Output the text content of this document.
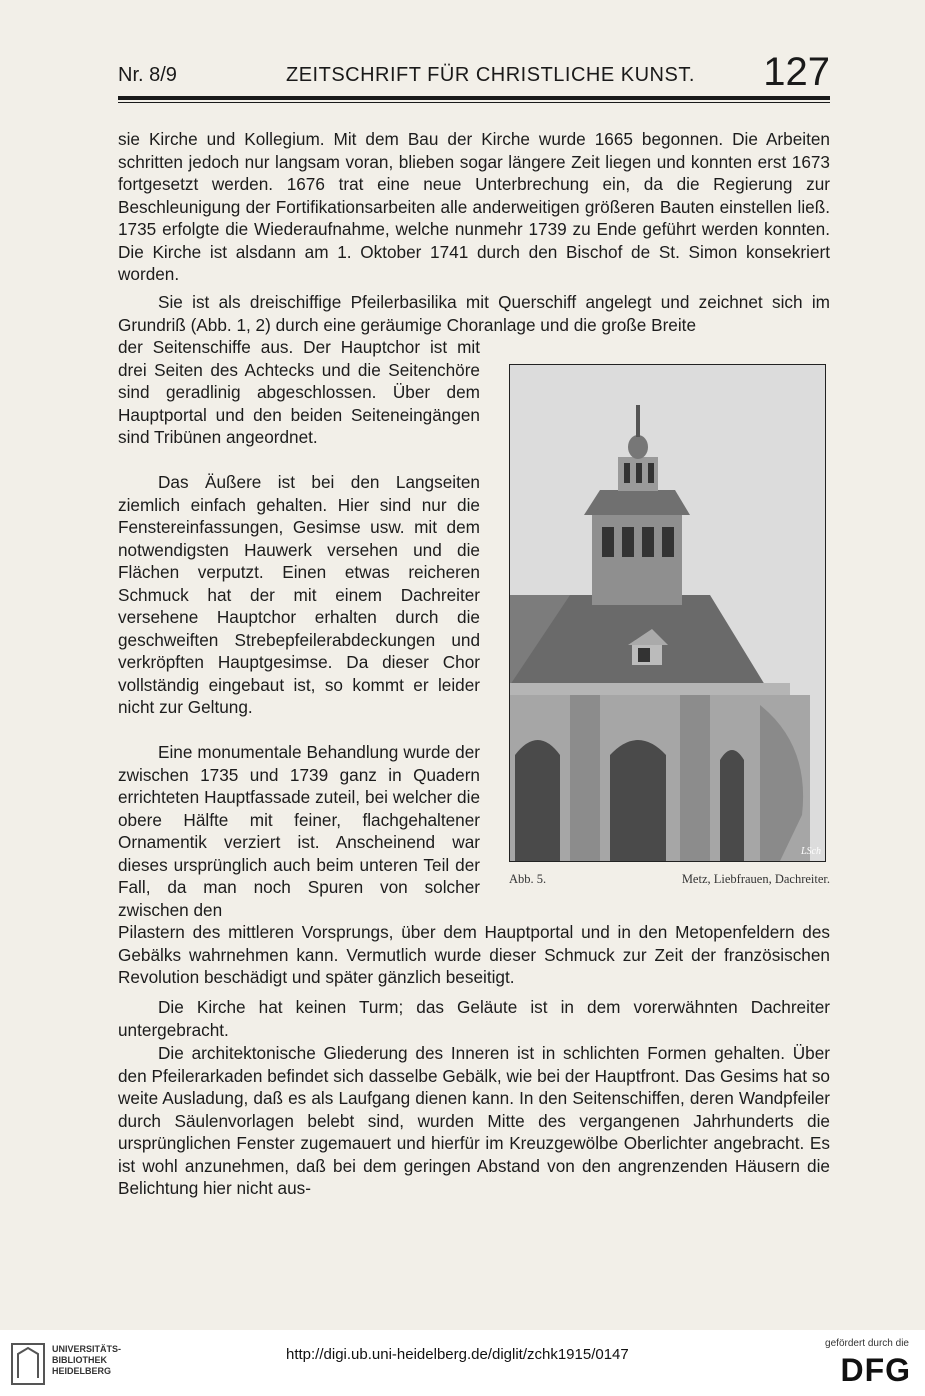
Nr. 8/9	ZEITSCHRIFT FÜR CHRISTLICHE KUNST. 127

sie Kirche und Kollegium. Mit dem Bau der Kirche wurde 1665 begonnen. Die Arbeiten schritten jedoch nur langsam voran, blieben sogar längere Zeit liegen und konnten erst 1673 fortgesetzt werden. 1676 trat eine neue Unterbrechung ein, da die Regierung zur Beschleunigung der Fortifikationsarbeiten alle anderweitigen größeren Bauten einstellen ließ. 1735 erfolgte die Wiederaufnahme, welche nunmehr 1739 zu Ende geführt werden konnten. Die Kirche ist alsdann am 1. Oktober 1741 durch den Bischof de St. Simon konsekriert worden.

Sie ist als dreischiffige Pfeilerbasilika mit Querschiff angelegt und zeichnet sich im Grundriß (Abb. 1, 2) durch eine geräumige Choranlage und die große Breite

der Seitenschiffe aus. Der Hauptchor ist mit drei Seiten des Achtecks und die Seitenchöre sind geradlinig abgeschlossen. Über dem Hauptportal und den beiden Seiteneingängen sind Tribünen angeordnet.

Das Äußere ist bei den Langseiten ziemlich einfach gehalten. Hier sind nur die Fenstereinfassungen, Gesimse usw. mit dem notwendigsten Hauwerk versehen und die Flächen verputzt. Einen etwas reicheren Schmuck hat der mit einem Dachreiter versehene Hauptchor erhalten durch die geschweiften Strebepfeilerabdeckungen und verkröpften Hauptgesimse. Da dieser Chor vollständig eingebaut ist, so kommt er leider nicht zur Geltung.

Eine monumentale Behandlung wurde der zwischen 1735 und 1739 ganz in Quadern errichteten Hauptfassade zuteil, bei welcher die obere Hälfte mit feiner, flachgehaltener Ornamentik verziert ist. Anscheinend war dieses ursprünglich auch beim unteren Teil der Fall, da man noch Spuren von solcher zwischen den

Pilastern des mittleren Vorsprungs, über dem Hauptportal und in den Metopenfeldern des Gebälks wahrnehmen kann. Vermutlich wurde dieser Schmuck zur Zeit der französischen Revolution beschädigt und später gänzlich beseitigt.

Die Kirche hat keinen Turm; das Geläute ist in dem vorerwähnten Dachreiter untergebracht.

Die architektonische Gliederung des Inneren ist in schlichten Formen gehalten. Über den Pfeilerarkaden befindet sich dasselbe Gebälk, wie bei der Hauptfront. Das Gesims hat so weite Ausladung, daß es als Laufgang dienen kann. In den Seitenschiffen, deren Wandpfeiler durch Säulenvorlagen belebt sind, wurden Mitte des vergangenen Jahrhunderts die ursprünglichen Fenster zugemauert und hierfür im Kreuzgewölbe Oberlichter angebracht. Es ist wohl anzunehmen, daß bei dem geringen Abstand von den angrenzenden Häusern die Belichtung hier nicht aus-

LSch
Abb. 5.	Metz, Liebfrauen, Dachreiter.
UNIVERSITÄTS-
BIBLIOTHEK
HEIDELBERG
http://digi.ub.uni-heidelberg.de/diglit/zchk1915/0147
gefördert durch die
DFG
